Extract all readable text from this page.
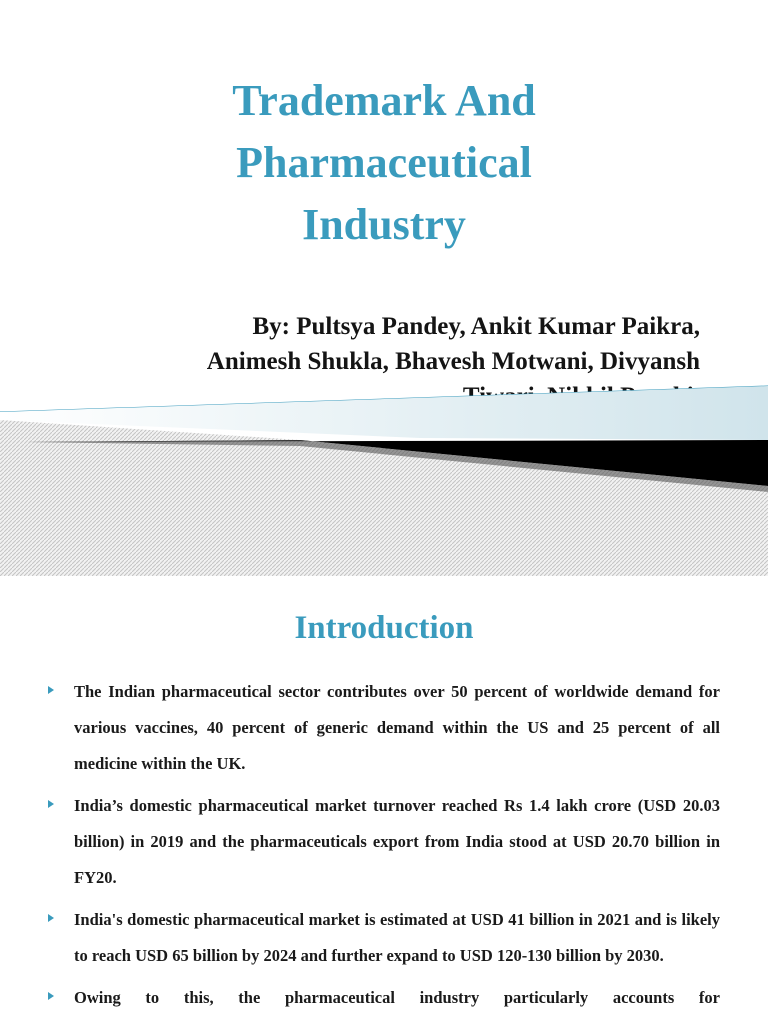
Trademark And
Pharmaceutical
Industry
By: Pultsya Pandey, Ankit Kumar Paikra,
Animesh Shukla, Bhavesh Motwani, Divyansh
Introduction
The Indian pharmaceutical sector contributes over 50 percent of worldwide demand for various vaccines, 40 percent of generic demand within the US and 25 percent of all medicine within the UK.
India’s domestic pharmaceutical market turnover reached Rs 1.4 lakh crore (USD 20.03 billion) in 2019 and the pharmaceuticals export from India stood at USD 20.70 billion in FY20.
India's domestic pharmaceutical market is estimated at USD 41 billion in 2021 and is likely to reach USD 65 billion by 2024 and further expand to USD 120-130 billion by 2030.
Owing to this, the pharmaceutical industry particularly accounts for
